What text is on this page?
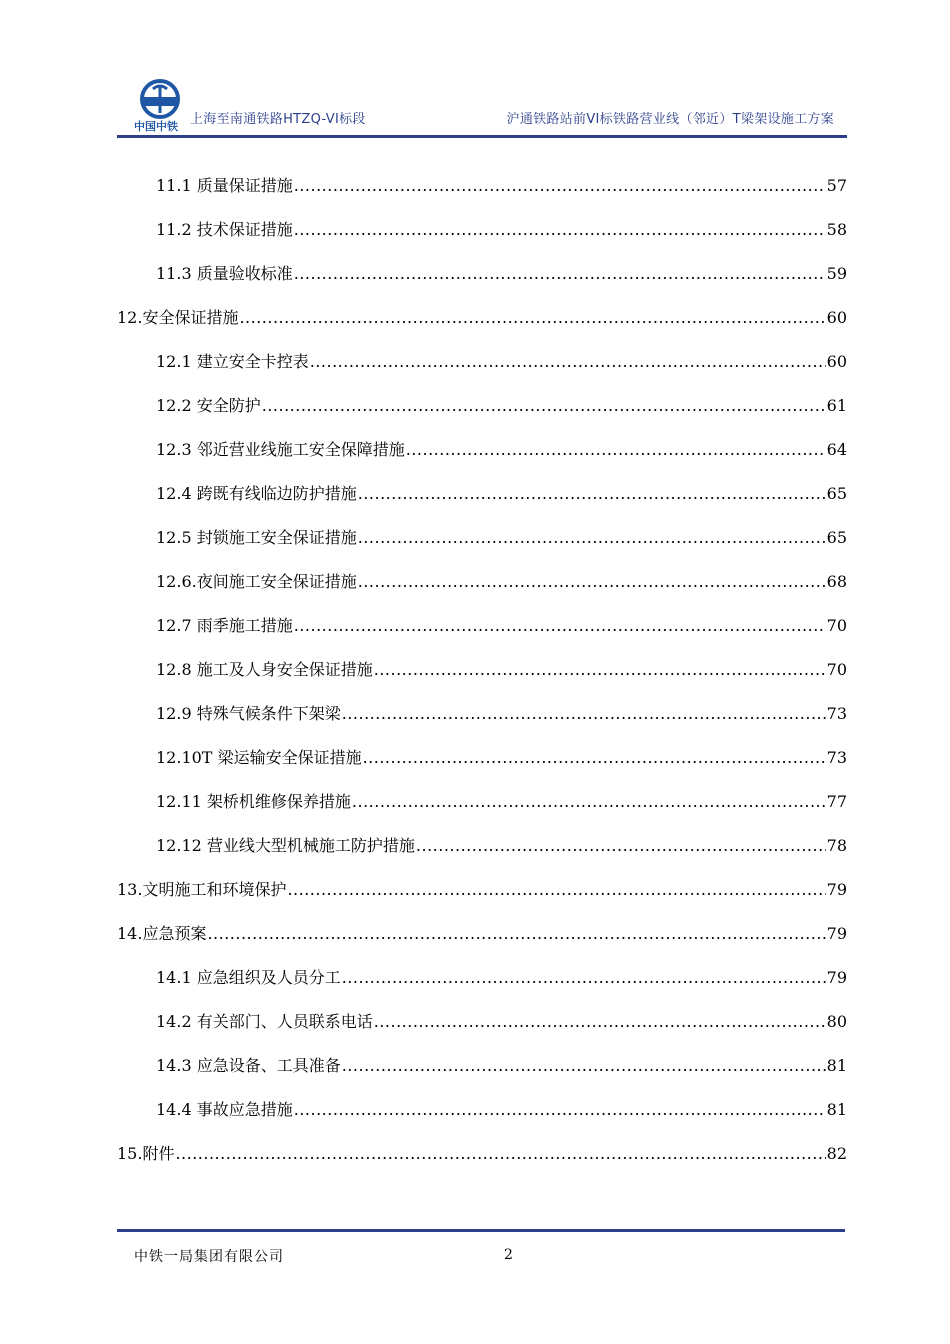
中国中铁 上海至南通铁路HTZQ-VI标段	沪通铁路站前VI标铁路营业线（邻近）T梁架设施工方案
11.1 质量保证措施 .....	57
11.2 技术保证措施 .....	58
11.3 质量验收标准 .....	59
12.安全保证措施 .....	60
12.1 建立安全卡控表 .....	60
12.2 安全防护 .....	61
12.3 邻近营业线施工安全保障措施 .....	64
12.4 跨既有线临边防护措施 .....	65
12.5 封锁施工安全保证措施 .....	65
12.6.夜间施工安全保证措施 .....	68
12.7 雨季施工措施 .....	70
12.8 施工及人身安全保证措施 .....	70
12.9 特殊气候条件下架梁 .....	73
12.10T 梁运输安全保证措施 .....	73
12.11 架桥机维修保养措施 .....	77
12.12 营业线大型机械施工防护措施 .....	78
13.文明施工和环境保护 .....	79
14.应急预案 .....	79
14.1 应急组织及人员分工 .....	79
14.2 有关部门、人员联系电话 .....	80
14.3 应急设备、工具准备 .....	81
14.4 事故应急措施 .....	81
15.附件 .....	82
中铁一局集团有限公司	2
